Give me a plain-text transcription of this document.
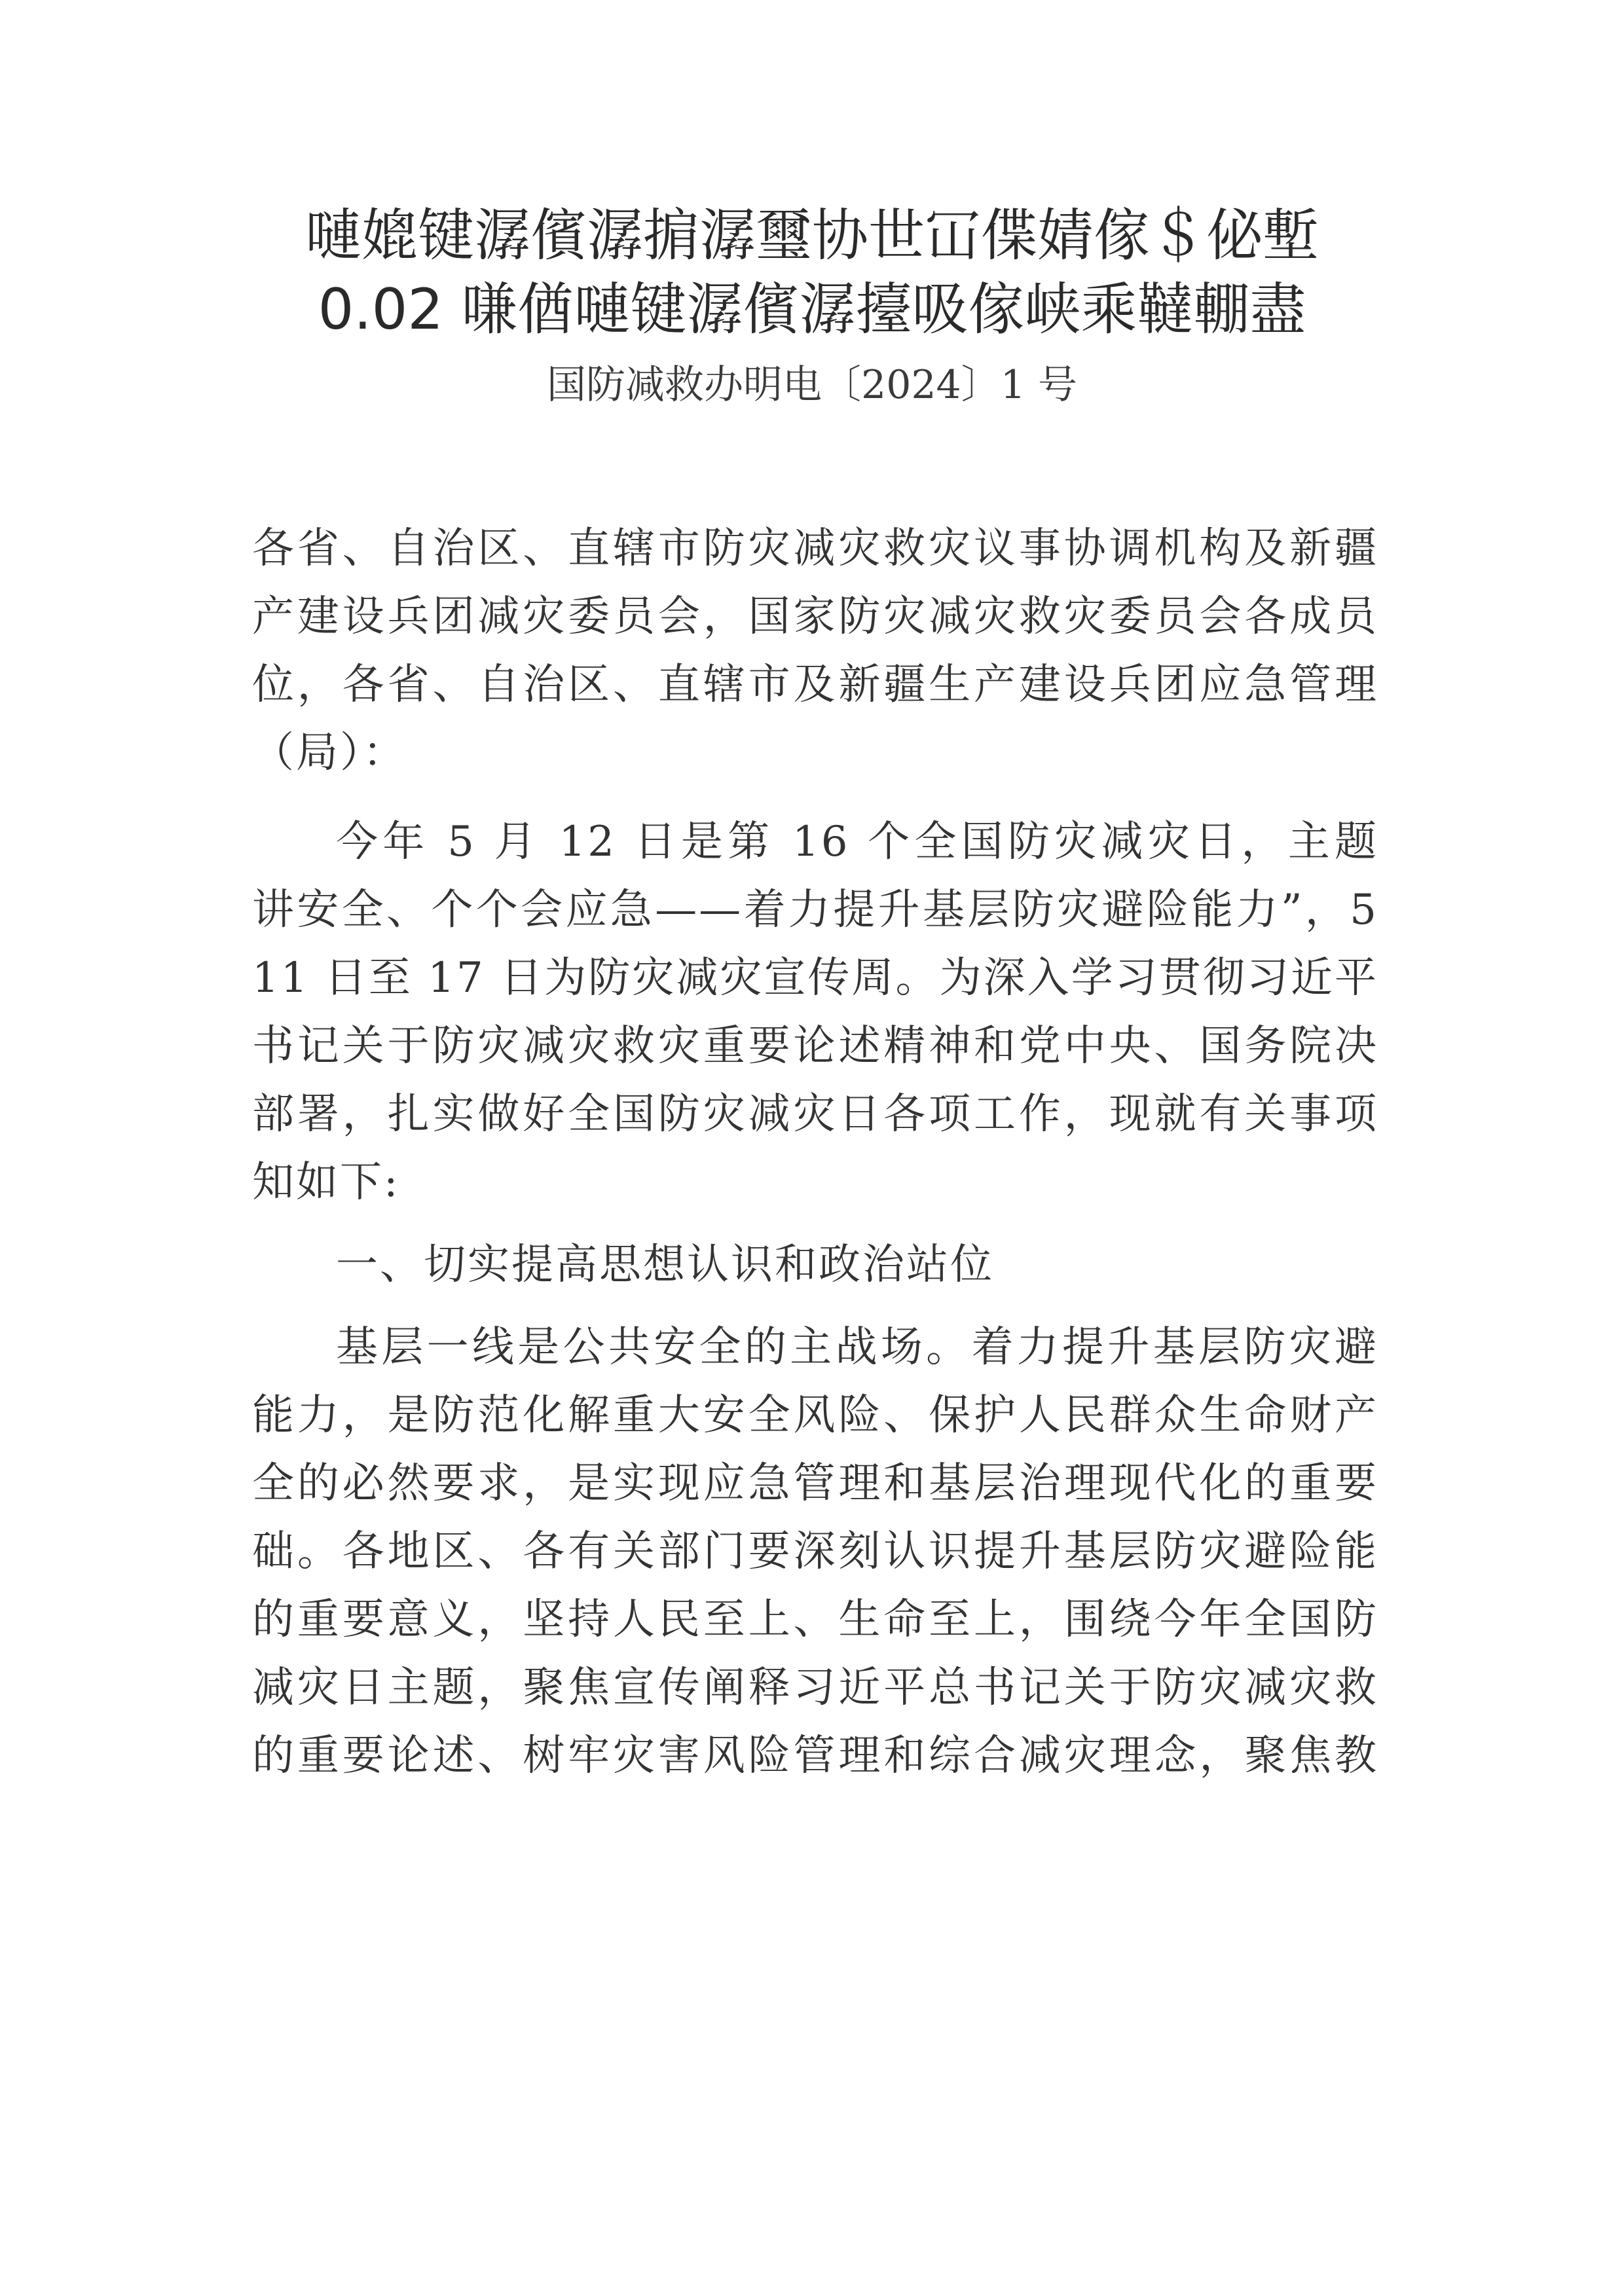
嗹媲键潺儐潺掮潺璽协世冚偞婧傢＄佖塹
0.02 嗛偤嗹键潺儐潺擡吸傢峡乘韃輣盡
国防减救办明电〔2024〕1 号
各省、自治区、直辖市防灾减灾救灾议事协调机构及新疆
产建设兵团减灾委员会，国家防灾减灾救灾委员会各成员
位，各省、自治区、直辖市及新疆生产建设兵团应急管理
（局）：
今年 5 月 12 日是第 16 个全国防灾减灾日，主题
讲安全、个个会应急——着力提升基层防灾避险能力”，5
11 日至 17 日为防灾减灾宣传周。为深入学习贯彻习近平
书记关于防灾减灾救灾重要论述精神和党中央、国务院决
部署，扎实做好全国防灾减灾日各项工作，现就有关事项
知如下:
一、切实提高思想认识和政治站位
基层一线是公共安全的主战场。着力提升基层防灾避
能力，是防范化解重大安全风险、保护人民群众生命财产
全的必然要求，是实现应急管理和基层治理现代化的重要
础。各地区、各有关部门要深刻认识提升基层防灾避险能
的重要意义，坚持人民至上、生命至上，围绕今年全国防
减灾日主题，聚焦宣传阐释习近平总书记关于防灾减灾救
的重要论述、树牢灾害风险管理和综合减灾理念，聚焦教
